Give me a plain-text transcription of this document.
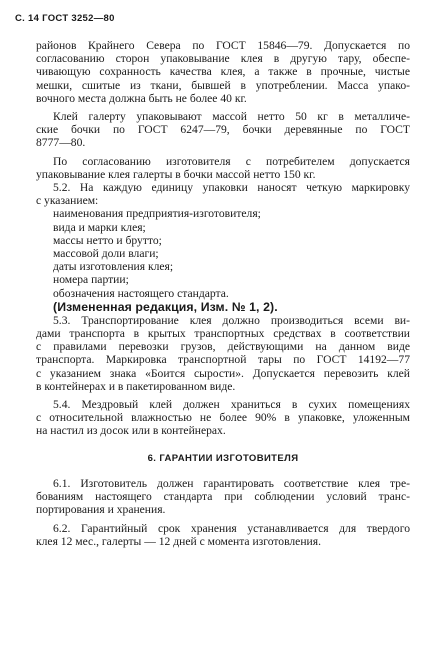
С. 14 ГОСТ 3252—80
районов Крайнего Севера по ГОСТ 15846—79. Допускается по
согласованию сторон упаковывание клея в другую тару, обеспе-
чивающую сохранность качества клея, а также в прочные, чистые
мешки, сшитые из ткани, бывшей в употреблении. Масса упако-
вочного места должна быть не более 40 кг.
Клей галерту упаковывают массой нетто 50 кг в металличе-
ские бочки по ГОСТ 6247—79, бочки деревянные по ГОСТ
8777—80.
По согласованию изготовителя с потребителем допускается
упаковывание клея галерты в бочки массой нетто 150 кг.
5.2. На каждую единицу упаковки наносят четкую маркировку
с указанием:
наименования предприятия-изготовителя;
вида и марки клея;
массы нетто и брутто;
массовой доли влаги;
даты изготовления клея;
номера партии;
обозначения настоящего стандарта.
(Измененная редакция, Изм. № 1, 2).
5.3. Транспортирование клея должно производиться всеми ви-
дами транспорта в крытых транспортных средствах в соответствии
с правилами перевозки грузов, действующими на данном виде
транспорта. Маркировка транспортной тары по ГОСТ 14192—77
с указанием знака «Боится сырости». Допускается перевозить клей
в контейнерах и в пакетированном виде.
5.4. Мездровый клей должен храниться в сухих помещениях
с относительной влажностью не более 90% в упаковке, уложенным
на настил из досок или в контейнерах.
6. ГАРАНТИИ ИЗГОТОВИТЕЛЯ
6.1. Изготовитель должен гарантировать соответствие клея тре-
бованиям настоящего стандарта при соблюдении условий транс-
портирования и хранения.
6.2. Гарантийный срок хранения устанавливается для твердого
клея 12 мес., галерты — 12 дней с момента изготовления.
